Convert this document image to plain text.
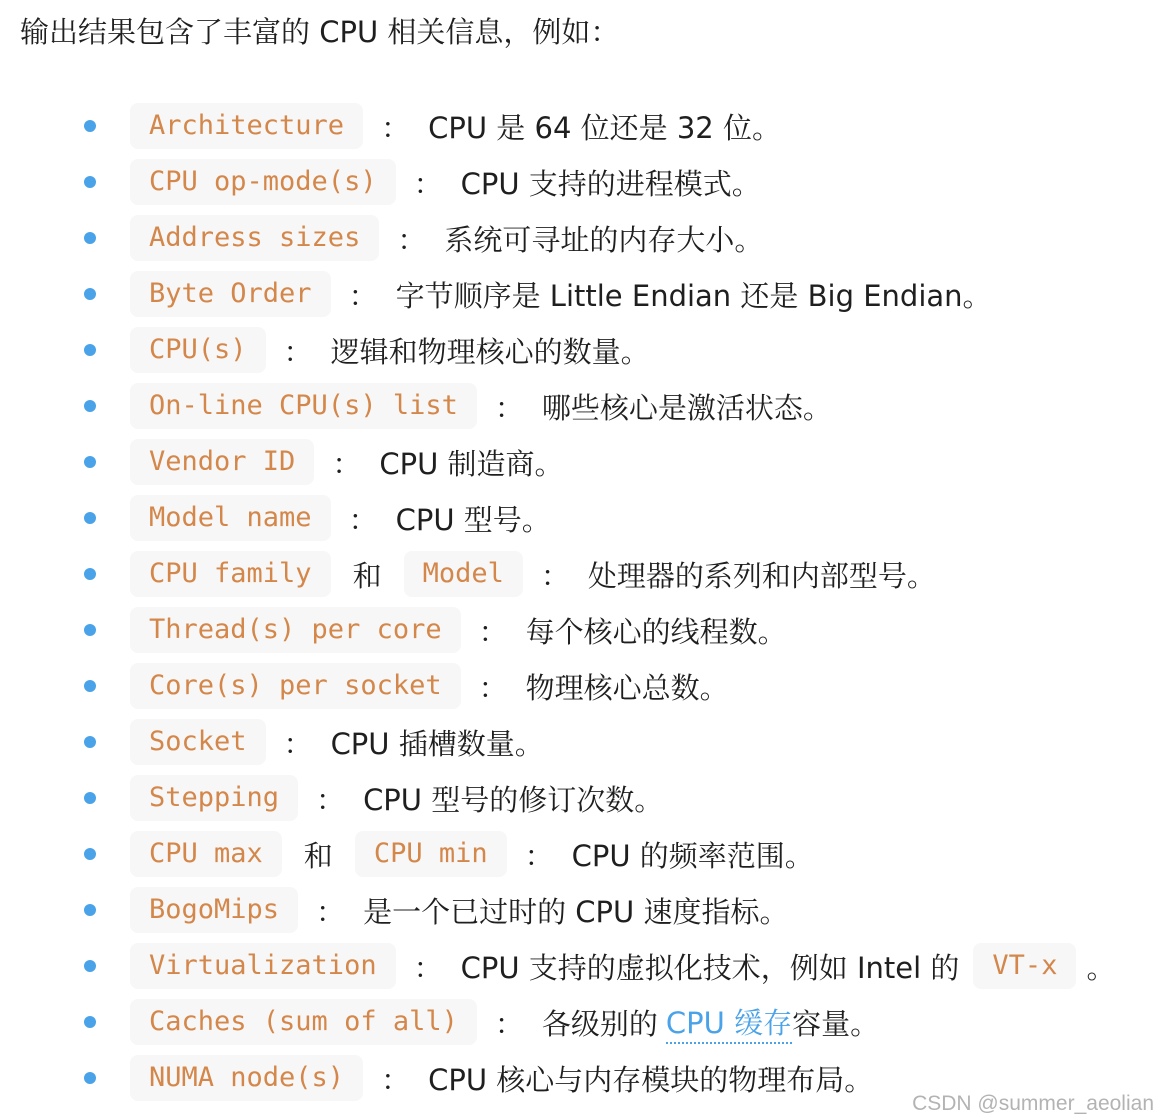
输出结果包含了丰富的 CPU 相关信息，例如：
Architecture	： CPU 是 64 位还是 32 位。
CPU op-mode(s)	： CPU 支持的进程模式。
Address sizes	： 系统可寻址的内存大小。
Byte Order	： 字节顺序是 Little Endian 还是 Big Endian。
CPU(s)	： 逻辑和物理核心的数量。
On-line CPU(s) list	： 哪些核心是激活状态。
Vendor ID	： CPU 制造商。
Model name	： CPU 型号。
CPU family	和	Model	： 处理器的系列和内部型号。
Thread(s) per core	： 每个核心的线程数。
Core(s) per socket	： 物理核心总数。
Socket	： CPU 插槽数量。
Stepping	： CPU 型号的修订次数。
CPU max	和	CPU min	： CPU 的频率范围。
BogoMips	： 是一个已过时的 CPU 速度指标。
Virtualization	： CPU 支持的虚拟化技术，例如 Intel 的	VT-x	。
Caches (sum of all)	： 各级别的 CPU 缓存 容量。
NUMA node(s)	： CPU 核心与内存模块的物理布局。
CSDN @summer_aeolian
